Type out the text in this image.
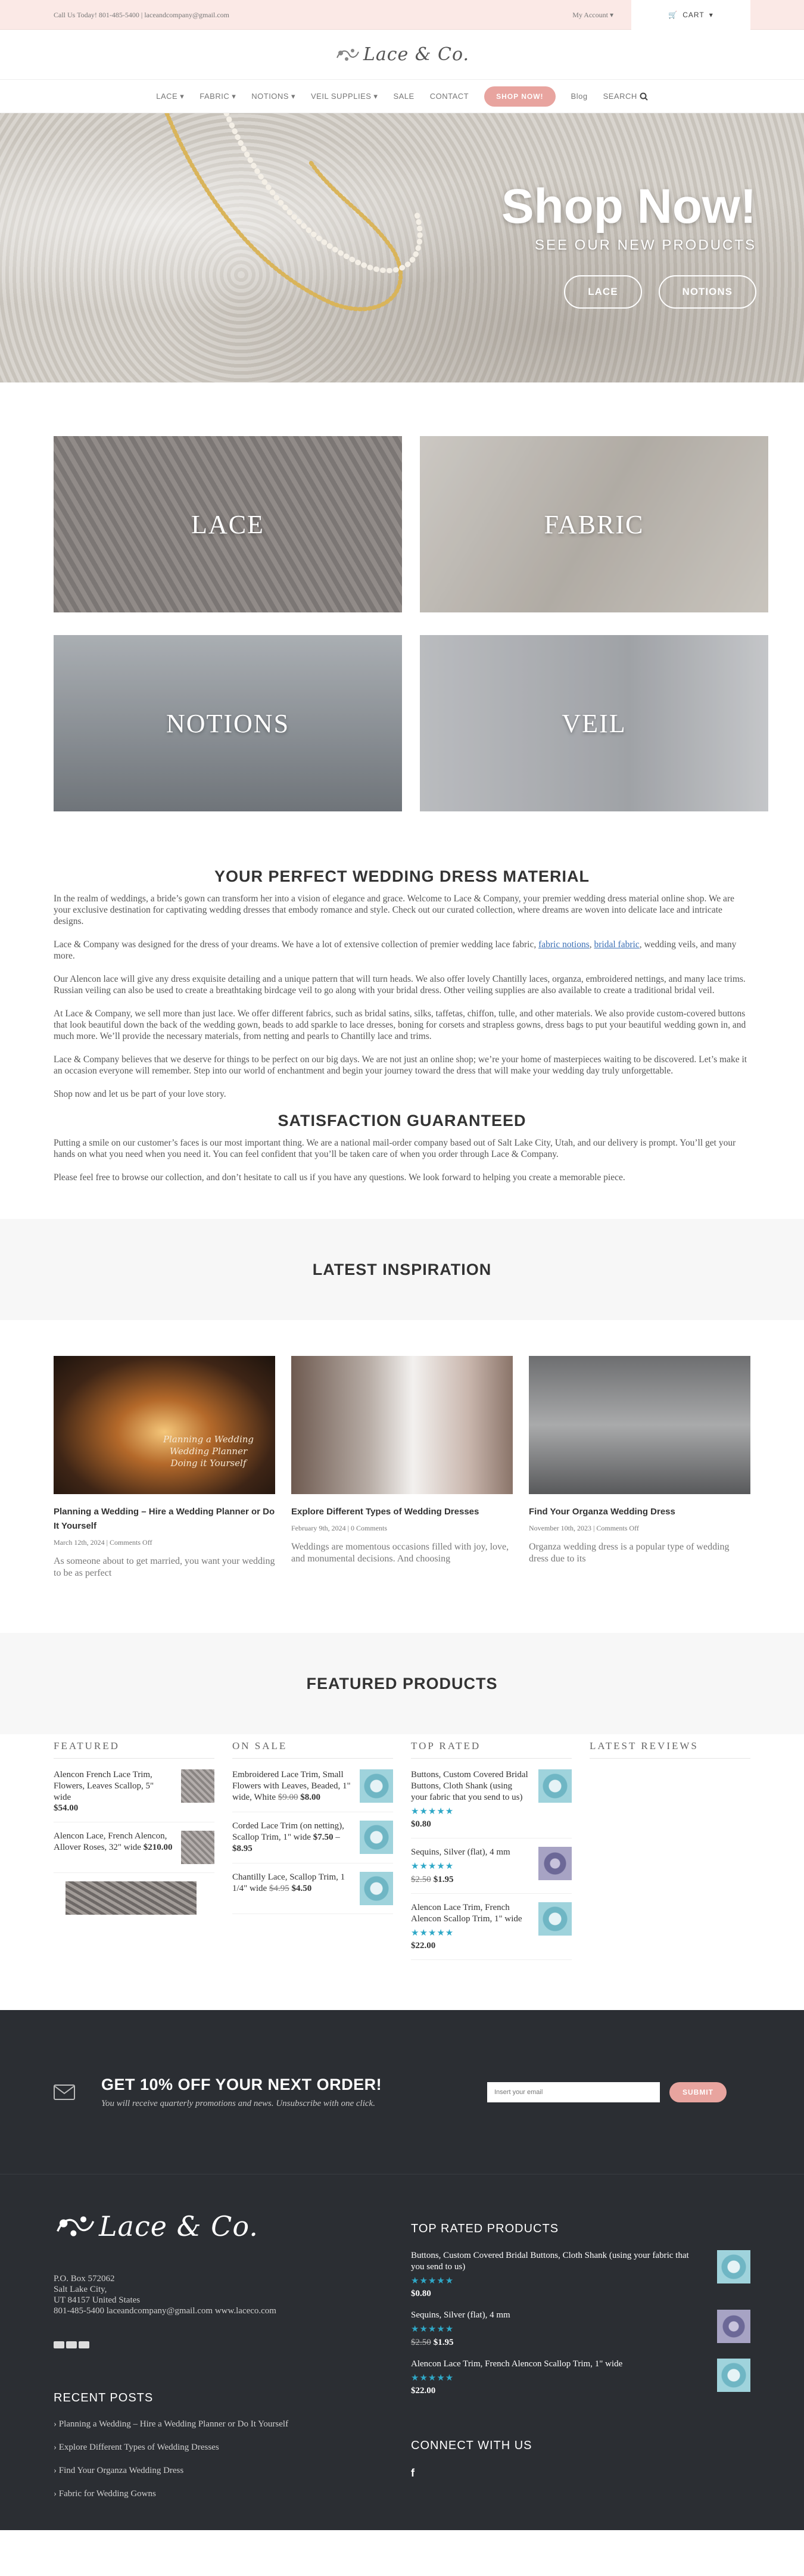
Call Us Today! 801-485-5400 | laceandcompany@gmail.com	My Account
▾	🛒 CART ▾
Lace & Co.
LACE ▾ FABRIC ▾ NOTIONS ▾ VEIL SUPPLIES ▾ SALE CONTACT	SHOP NOW!	Blog SEARCH
Shop Now!
SEE OUR NEW PRODUCTS
LACE	NOTIONS
LACE	FABRIC
NOTIONS	VEIL
YOUR PERFECT WEDDING DRESS MATERIAL

In the realm of weddings, a bride’s gown can transform her into a vision of elegance and grace. Welcome to Lace & Company, your premier wedding dress material online shop. We are your exclusive destination for captivating wedding dresses that embody romance and style. Check out our curated collection, where dreams are woven into delicate lace and intricate designs.

Lace & Company was designed for the dress of your dreams. We have a lot of extensive collection of premier wedding lace fabric, fabric notions, bridal fabric, wedding veils, and many more.

Our Alencon lace will give any dress exquisite detailing and a unique pattern that will turn heads. We also offer lovely Chantilly laces, organza, embroidered nettings, and many lace trims. Russian veiling can also be used to create a breathtaking birdcage veil to go along with your bridal dress. Other veiling supplies are also available to create a traditional bridal veil.

At Lace & Company, we sell more than just lace. We offer different fabrics, such as bridal satins, silks, taffetas, chiffon, tulle, and other materials. We also provide custom-covered buttons that look beautiful down the back of the wedding gown, beads to add sparkle to lace dresses, boning for corsets and strapless gowns, dress bags to put your beautiful wedding gown in, and much more. We’ll provide the necessary materials, from netting and pearls to Chantilly lace and trims.

Lace & Company believes that we deserve for things to be perfect on our big days. We are not just an online shop; we’re your home of masterpieces waiting to be discovered. Let’s make it an occasion everyone will remember. Step into our world of enchantment and begin your journey toward the dress that will make your wedding day truly unforgettable.

Shop now and let us be part of your love story.

SATISFACTION GUARANTEED

Putting a smile on our customer’s faces is our most important thing. We are a national mail-order company based out of Salt Lake City, Utah, and our delivery is prompt. You’ll get your hands on what you need when you need it. You can feel confident that you’ll be taken care of when you order through Lace & Company.

Please feel free to browse our collection, and don’t hesitate to call us if you have any questions. We look forward to helping you create a memorable piece.

LATEST INSPIRATION
Planning a Wedding
Wedding Planner
Doing it Yourself
Planning a Wedding – Hire a Wedding Planner or Do It Yourself
March 12th, 2024 | Comments Off
As someone about to get married, you want your wedding to be as perfect
Explore Different Types of Wedding Dresses
February 9th, 2024 | 0 Comments
Weddings are momentous occasions filled with joy, love, and monumental decisions. And choosing
Find Your Organza Wedding Dress
November 10th, 2023 | Comments Off
Organza wedding dress is a popular type of wedding dress due to its
FEATURED PRODUCTS
FEATURED
Alencon French Lace Trim, Flowers, Leaves Scallop, 5" wide
$54.00
Alencon Lace, French Alencon, Allover Roses, 32" wide $210.00
ON SALE
Embroidered Lace Trim, Small Flowers with Leaves, Beaded, 1" wide, White $9.00 $8.00
Corded Lace Trim (on netting), Scallop Trim, 1" wide $7.50 – $8.95
Chantilly Lace, Scallop Trim, 1 1/4" wide $4.95 $4.50
TOP RATED
Buttons, Custom Covered Bridal Buttons, Cloth Shank (using your fabric that you send to us)
★★★★★
$0.80
Sequins, Silver (flat), 4 mm
★★★★★
$2.50 $1.95
Alencon Lace Trim, French Alencon Scallop Trim, 1" wide
★★★★★
$22.00
LATEST REVIEWS
GET 10% OFF YOUR NEXT ORDER!
You will receive quarterly promotions and news. Unsubscribe with one click.
Insert your email
SUBMIT
Lace & Co.
P.O. Box 572062
Salt Lake City,
UT 84157 United States
801-485-5400 laceandcompany@gmail.com www.laceco.com
RECENT POSTS
› Planning a Wedding – Hire a Wedding Planner or Do It Yourself
› Explore Different Types of Wedding Dresses
› Find Your Organza Wedding Dress
› Fabric for Wedding Gowns
TOP RATED PRODUCTS
Buttons, Custom Covered Bridal Buttons, Cloth Shank (using your fabric that you send to us)
★★★★★
$0.80
Sequins, Silver (flat), 4 mm
★★★★★
$2.50 $1.95
Alencon Lace Trim, French Alencon Scallop Trim, 1" wide
★★★★★
$22.00
CONNECT WITH US
f
